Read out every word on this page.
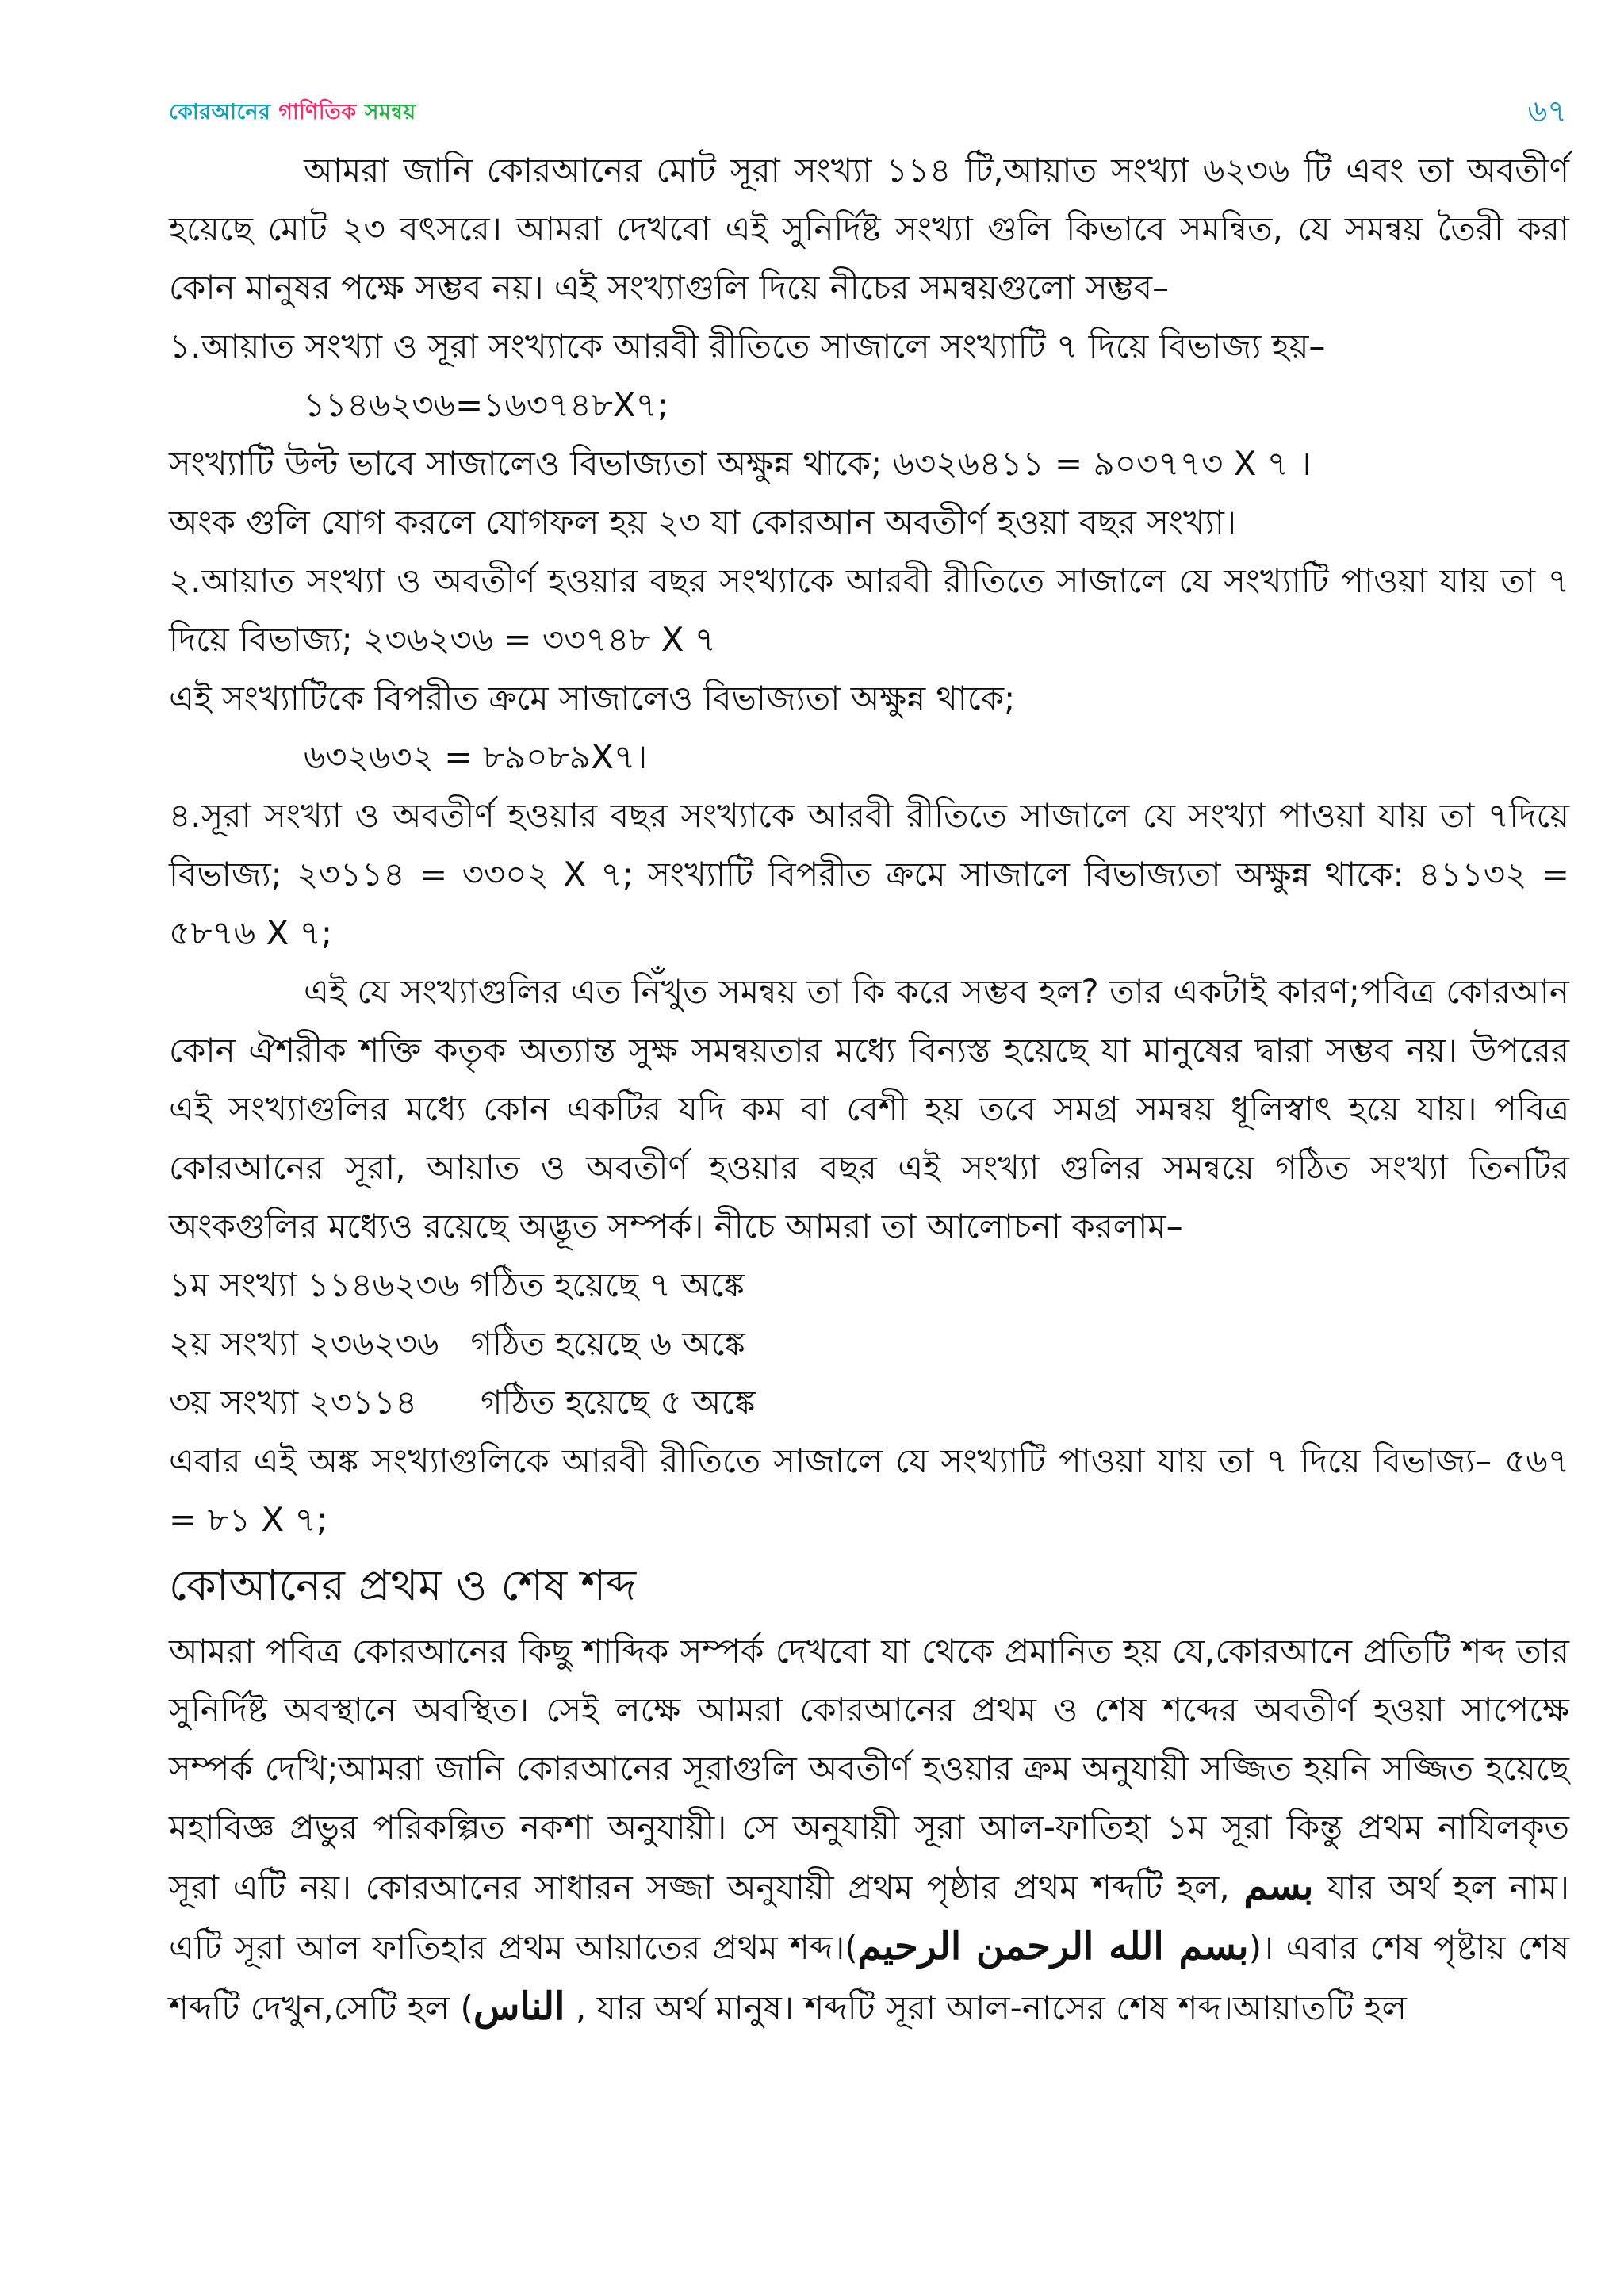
কোরআনের গাণিতিক সমন্বয়	৬৭

আমরা জানি কোরআনের মোট সূরা সংখ্যা ১১৪ টি,আয়াত সংখ্যা ৬২৩৬ টি এবং তা অবতীর্ণ হয়েছে মোট ২৩ বৎসরে। আমরা দেখবো এই সুনির্দিষ্ট সংখ্যা গুলি কিভাবে সমন্বিত, যে সমন্বয় তৈরী করা কোন মানুষর পক্ষে সম্ভব নয়। এই সংখ্যাগুলি দিয়ে নীচের সমন্বয়গুলো সম্ভব–

১.আয়াত সংখ্যা ও সূরা সংখ্যাকে আরবী রীতিতে সাজালে সংখ্যাটি ৭ দিয়ে বিভাজ্য হয়–

১১৪৬২৩৬=১৬৩৭৪৮X৭;

সংখ্যাটি উল্ট ভাবে সাজালেও বিভাজ্যতা অক্ষুন্ন থাকে; ৬৩২৬৪১১ = ৯০৩৭৭৩ X ৭ ।

অংক গুলি যোগ করলে যোগফল হয় ২৩ যা কোরআন অবতীর্ণ হওয়া বছর সংখ্যা।

২.আয়াত সংখ্যা ও অবতীর্ণ হওয়ার বছর সংখ্যাকে আরবী রীতিতে সাজালে যে সংখ্যাটি পাওয়া যায় তা ৭ দিয়ে বিভাজ্য; ২৩৬২৩৬ = ৩৩৭৪৮ X ৭

এই সংখ্যাটিকে বিপরীত ক্রমে সাজালেও বিভাজ্যতা অক্ষুন্ন থাকে;

৬৩২৬৩২ = ৮৯০৮৯X৭।

৪.সূরা সংখ্যা ও অবতীর্ণ হওয়ার বছর সংখ্যাকে আরবী রীতিতে সাজালে যে সংখ্যা পাওয়া যায় তা ৭দিয়ে বিভাজ্য; ২৩১১৪ = ৩৩০২ X ৭; সংখ্যাটি বিপরীত ক্রমে সাজালে বিভাজ্যতা অক্ষুন্ন থাকে: ৪১১৩২ = ৫৮৭৬ X ৭;

এই যে সংখ্যাগুলির এত নিঁখুত সমন্বয় তা কি করে সম্ভব হল? তার একটাই কারণ;পবিত্র কোরআন কোন ঐশরীক শক্তি কতৃক অত্যান্ত সুক্ষ সমন্বয়তার মধ্যে বিন্যস্ত হয়েছে যা মানুষের দ্বারা সম্ভব নয়। উপরের এই সংখ্যাগুলির মধ্যে কোন একটির যদি কম বা বেশী হয় তবে সমগ্র সমন্বয় ধূলিস্বাৎ হয়ে যায়। পবিত্র কোরআনের সূরা, আয়াত ও অবতীর্ণ হওয়ার বছর এই সংখ্যা গুলির সমন্বয়ে গঠিত সংখ্যা তিনটির অংকগুলির মধ্যেও রয়েছে অদ্ভূত সম্পর্ক। নীচে আমরা তা আলোচনা করলাম–

১ম সংখ্যা ১১৪৬২৩৬ গঠিত হয়েছে ৭ অঙ্কে

২য় সংখ্যা ২৩৬২৩৬ গঠিত হয়েছে ৬ অঙ্কে

৩য় সংখ্যা ২৩১১৪ গঠিত হয়েছে ৫ অঙ্কে

এবার এই অঙ্ক সংখ্যাগুলিকে আরবী রীতিতে সাজালে যে সংখ্যাটি পাওয়া যায় তা ৭ দিয়ে বিভাজ্য– ৫৬৭ = ৮১ X ৭;

কোআনের প্রথম ও শেষ শব্দ

আমরা পবিত্র কোরআনের কিছু শাব্দিক সম্পর্ক দেখবো যা থেকে প্রমানিত হয় যে,কোরআনে প্রতিটি শব্দ তার সুনির্দিষ্ট অবস্থানে অবস্থিত। সেই লক্ষে আমরা কোরআনের প্রথম ও শেষ শব্দের অবতীর্ণ হওয়া সাপেক্ষে সম্পর্ক দেখি;আমরা জানি কোরআনের সূরাগুলি অবতীর্ণ হওয়ার ক্রম অনুযায়ী সজ্জিত হয়নি সজ্জিত হয়েছে মহাবিজ্ঞ প্রভুর পরিকল্পিত নকশা অনুযায়ী। সে অনুযায়ী সূরা আল-ফাতিহা ১ম সূরা কিন্তু প্রথম নাযিলকৃত সূরা এটি নয়। কোরআনের সাধারন সজ্জা অনুযায়ী প্রথম পৃষ্ঠার প্রথম শব্দটি হল, بسم যার অর্থ হল নাম। এটি সূরা আল ফাতিহার প্রথম আয়াতের প্রথম শব্দ।(بسم الله الرحمن الرحيم)। এবার শেষ পৃষ্টায় শেষ শব্দটি দেখুন,সেটি হল (الناس , যার অর্থ মানুষ। শব্দটি সূরা আল-নাসের শেষ শব্দ।আয়াতটি হল
